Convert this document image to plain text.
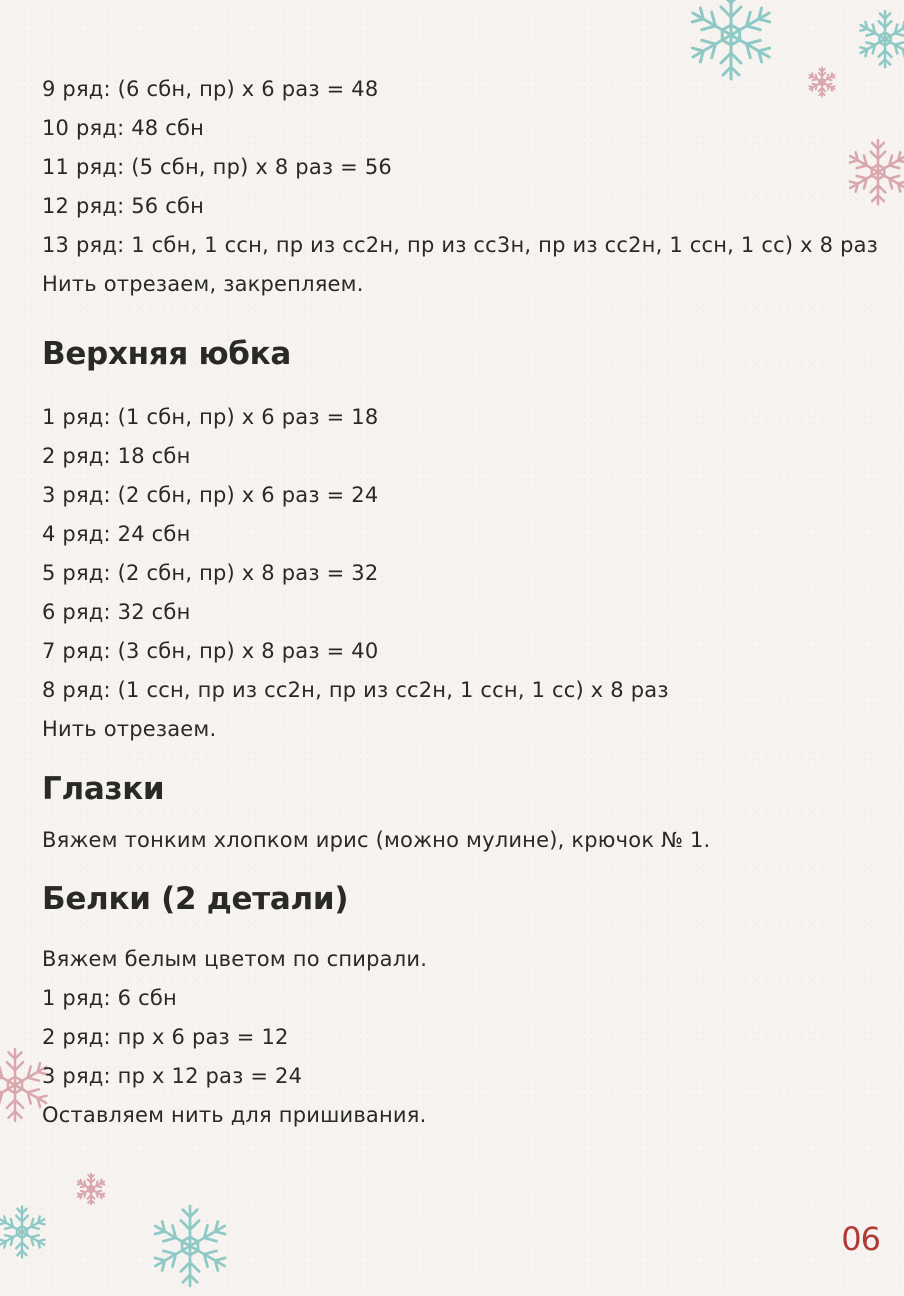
9 ряд: (6 сбн, пр) х 6 раз = 48
10 ряд: 48 сбн
11 ряд: (5 сбн, пр) х 8 раз = 56
12 ряд: 56 сбн
13 ряд: 1 сбн, 1 ссн, пр из сс2н, пр из сс3н, пр из сс2н, 1 ссн, 1 сс) х 8 раз
Нить отрезаем, закрепляем.
Верхняя юбка
1 ряд: (1 сбн, пр) х 6 раз = 18
2 ряд: 18 сбн
3 ряд: (2 сбн, пр) х 6 раз = 24
4 ряд: 24 сбн
5 ряд: (2 сбн, пр) х 8 раз = 32
6 ряд: 32 сбн
7 ряд: (3 сбн, пр) х 8 раз = 40
8 ряд: (1 ссн, пр из сс2н, пр из сс2н, 1 ссн, 1 сс) х 8 раз
Нить отрезаем.
Глазки
Вяжем тонким хлопком ирис (можно мулине), крючок № 1.
Белки (2 детали)
Вяжем белым цветом по спирали.
1 ряд: 6 сбн
2 ряд: пр х 6 раз = 12
3 ряд: пр х 12 раз = 24
Оставляем нить для пришивания.
06
